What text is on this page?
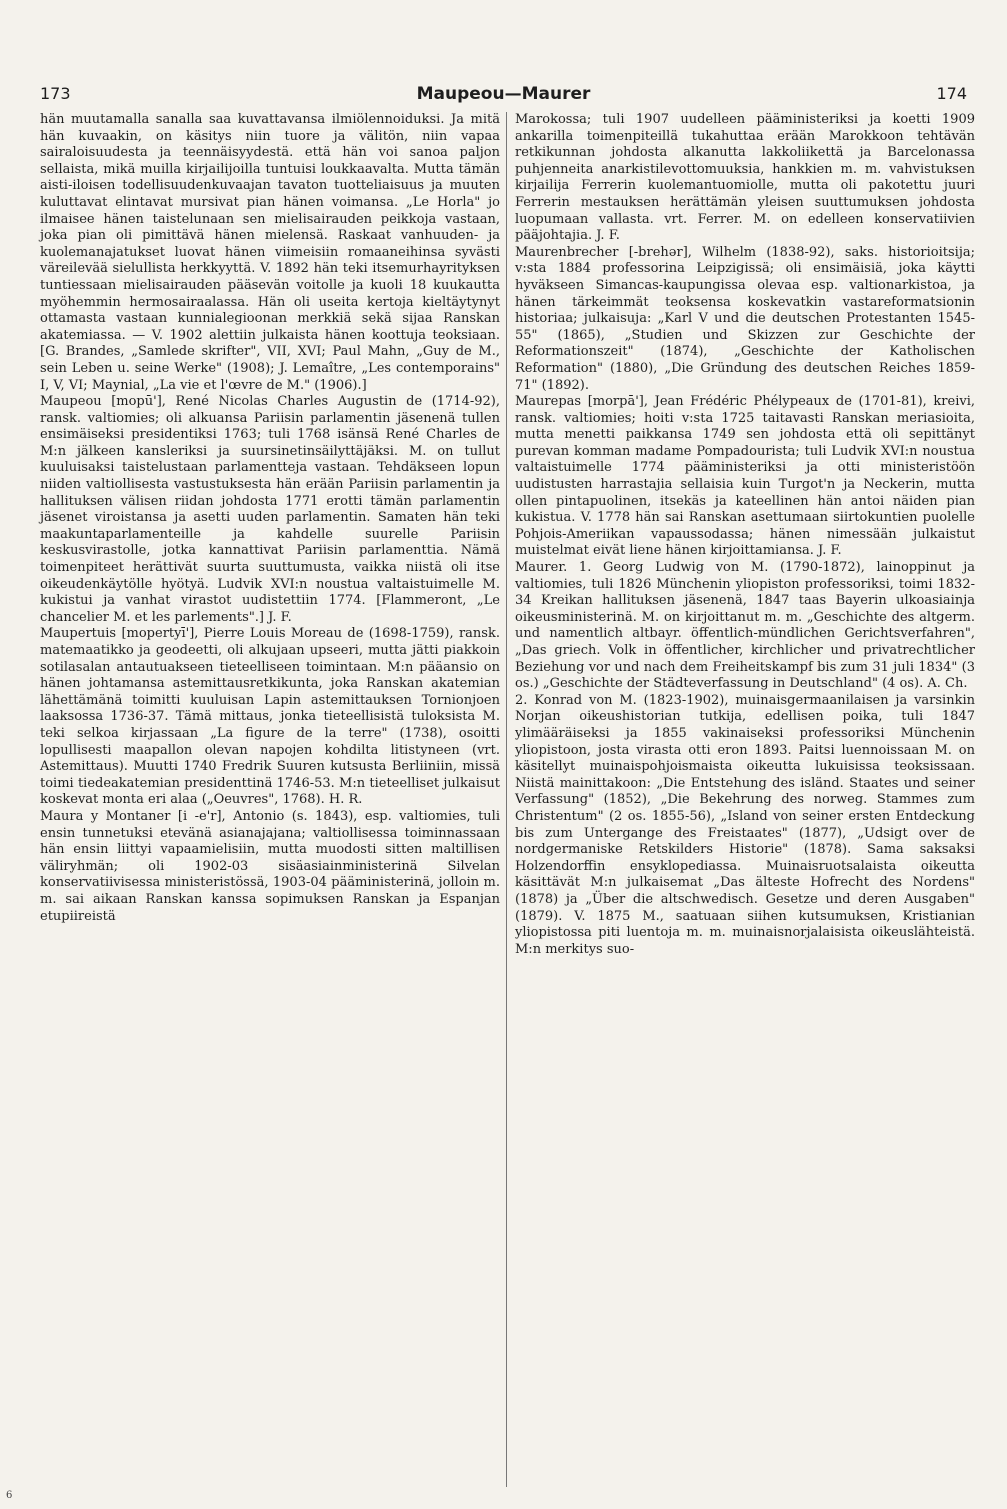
173	Maupeou—Maurer	174

hän muutamalla sanalla saa kuvattavansa ilmiölennoiduksi. Ja mitä hän kuvaakin, on käsitys niin tuore ja välitön, niin vapaa sairaloisuudesta ja teennäisyydestä. että hän voi sanoa paljon sellaista, mikä muilla kirjailijoilla tuntuisi loukkaavalta. Mutta tämän aisti-iloisen todellisuudenkuvaajan tavaton tuotteliaisuus ja muuten kuluttavat elintavat mursivat pian hänen voimansa. „Le Horla" jo ilmaisee hänen taistelunaan sen mielisairauden peikkoja vastaan, joka pian oli pimittävä hänen mielensä. Raskaat vanhuuden- ja kuolemanajatukset luovat hänen viimeisiin romaaneihinsa syvästi väreilevää sielullista herkkyyttä. V. 1892 hän teki itsemurhayrityksen tuntiessaan mielisairauden pääsevän voitolle ja kuoli 18 kuukautta myöhemmin hermosairaalassa. Hän oli useita kertoja kieltäytynyt ottamasta vastaan kunnialegioonan merkkiä sekä sijaa Ranskan akatemiassa. — V. 1902 alettiin julkaista hänen koottuja teoksiaan. [G. Brandes, „Samlede skrifter", VII, XVI; Paul Mahn, „Guy de M., sein Leben u. seine Werke" (1908); J. Lemaître, „Les contemporains" I, V, VI; Maynial, „La vie et l'œvre de M." (1906).]

Maupeou [mopū'], René Nicolas Charles Augustin de (1714-92), ransk. valtiomies; oli alkuansa Pariisin parlamentin jäsenenä tullen ensimäiseksi presidentiksi 1763; tuli 1768 isänsä René Charles de M:n jälkeen kansleriksi ja suursinetinsäilyttäjäksi. M. on tullut kuuluisaksi taistelustaan parlamentteja vastaan. Tehdäkseen lopun niiden valtiollisesta vastustuksesta hän erään Pariisin parlamentin ja hallituksen välisen riidan johdosta 1771 erotti tämän parlamentin jäsenet viroistansa ja asetti uuden parlamentin. Samaten hän teki maakuntaparlamenteille ja kahdelle suurelle Pariisin keskusvirastolle, jotka kannattivat Pariisin parlamenttia. Nämä toimenpiteet herättivät suurta suuttumusta, vaikka niistä oli itse oikeudenkäytölle hyötyä. Ludvik XVI:n noustua valtaistuimelle M. kukistui ja vanhat virastot uudistettiin 1774. [Flammeront, „Le chancelier M. et les parlements".] J. F.

Maupertuis [mopertyī'], Pierre Louis Moreau de (1698-1759), ransk. matemaatikko ja geodeetti, oli alkujaan upseeri, mutta jätti piakkoin sotilasalan antautuakseen tieteelliseen toimintaan. M:n pääansio on hänen johtamansa astemittausretkikunta, joka Ranskan akatemian lähettämänä toimitti kuuluisan Lapin astemittauksen Tornionjoen laaksossa 1736-37. Tämä mittaus, jonka tieteellisistä tuloksista M. teki selkoa kirjassaan „La figure de la terre" (1738), osoitti lopullisesti maapallon olevan napojen kohdilta litistyneen (vrt. Astemittaus). Muutti 1740 Fredrik Suuren kutsusta Berliiniin, missä toimi tiedeakatemian presidenttinä 1746-53. M:n tieteelliset julkaisut koskevat monta eri alaa („Oeuvres", 1768). H. R.

Maura y Montaner [i -e'r], Antonio (s. 1843), esp. valtiomies, tuli ensin tunnetuksi etevänä asianajajana; valtiollisessa toiminnassaan hän ensin liittyi vapaamielisiin, mutta muodosti sitten maltillisen väliryhmän; oli 1902-03 sisäasiainministerinä Silvelan konservatiivisessa ministeristössä, 1903-04 pääministerinä, jolloin m. m. sai aikaan Ranskan kanssa sopimuksen Ranskan ja Espanjan etupiireistä

Marokossa; tuli 1907 uudelleen pääministeriksi ja koetti 1909 ankarilla toimenpiteillä tukahuttaa erään Marokkoon tehtävän retkikunnan johdosta alkanutta lakkoliikettä ja Barcelonassa puhjenneita anarkistilevottomuuksia, hankkien m. m. vahvistuksen kirjailija Ferrerin kuolemantuomiolle, mutta oli pakotettu juuri Ferrerin mestauksen herättämän yleisen suuttumuksen johdosta luopumaan vallasta. vrt. Ferrer. M. on edelleen konservatiivien pääjohtajia. J. F.

Maurenbrecher [-brehər], Wilhelm (1838-92), saks. historioitsija; v:sta 1884 professorina Leipzigissä; oli ensimäisiä, joka käytti hyväkseen Simancas-kaupungissa olevaa esp. valtionarkistoa, ja hänen tärkeimmät teoksensa koskevatkin vastareformatsionin historiaa; julkaisuja: „Karl V und die deutschen Protestanten 1545-55" (1865), „Studien und Skizzen zur Geschichte der Reformationszeit" (1874), „Geschichte der Katholischen Reformation" (1880), „Die Gründung des deutschen Reiches 1859-71" (1892).

Maurepas [morpā'], Jean Frédéric Phélypeaux de (1701-81), kreivi, ransk. valtiomies; hoiti v:sta 1725 taitavasti Ranskan meriasioita, mutta menetti paikkansa 1749 sen johdosta että oli sepittänyt purevan komman madame Pompadourista; tuli Ludvik XVI:n noustua valtaistuimelle 1774 pääministeriksi ja otti ministeristöön uudistusten harrastajia sellaisia kuin Turgot'n ja Neckerin, mutta ollen pintapuolinen, itsekäs ja kateellinen hän antoi näiden pian kukistua. V. 1778 hän sai Ranskan asettumaan siirtokuntien puolelle Pohjois-Ameriikan vapaussodassa; hänen nimessään julkaistut muistelmat eivät liene hänen kirjoittamiansa. J. F.

Maurer. 1. Georg Ludwig von M. (1790-1872), lainoppinut ja valtiomies, tuli 1826 Münchenin yliopiston professoriksi, toimi 1832-34 Kreikan hallituksen jäsenenä, 1847 taas Bayerin ulkoasiainja oikeusministerinä. M. on kirjoittanut m. m. „Geschichte des altgerm. und namentlich altbayr. öffentlich-mündlichen Gerichtsverfahren", „Das griech. Volk in öffentlicher, kirchlicher und privatrechtlicher Beziehung vor und nach dem Freiheitskampf bis zum 31 juli 1834" (3 os.) „Geschichte der Städteverfassung in Deutschland" (4 os). A. Ch.

2. Konrad von M. (1823-1902), muinaisgermaanilaisen ja varsinkin Norjan oikeushistorian tutkija, edellisen poika, tuli 1847 ylimääräiseksi ja 1855 vakinaiseksi professoriksi Münchenin yliopistoon, josta virasta otti eron 1893. Paitsi luennoissaan M. on käsitellyt muinaispohjoismaista oikeutta lukuisissa teoksissaan. Niistä mainittakoon: „Die Entstehung des isländ. Staates und seiner Verfassung" (1852), „Die Bekehrung des norweg. Stammes zum Christentum" (2 os. 1855-56), „Island von seiner ersten Entdeckung bis zum Untergange des Freistaates" (1877), „Udsigt over de nordgermaniske Retskilders Historie" (1878). Sama saksaksi Holzendorffin ensyklopediassa. Muinaisruotsalaista oikeutta käsittävät M:n julkaisemat „Das älteste Hofrecht des Nordens" (1878) ja „Über die altschwedisch. Gesetze und deren Ausgaben" (1879). V. 1875 M., saatuaan siihen kutsumuksen, Kristianian yliopistossa piti luentoja m. m. muinaisnorjalaisista oikeuslähteistä. M:n merkitys suo-

6
